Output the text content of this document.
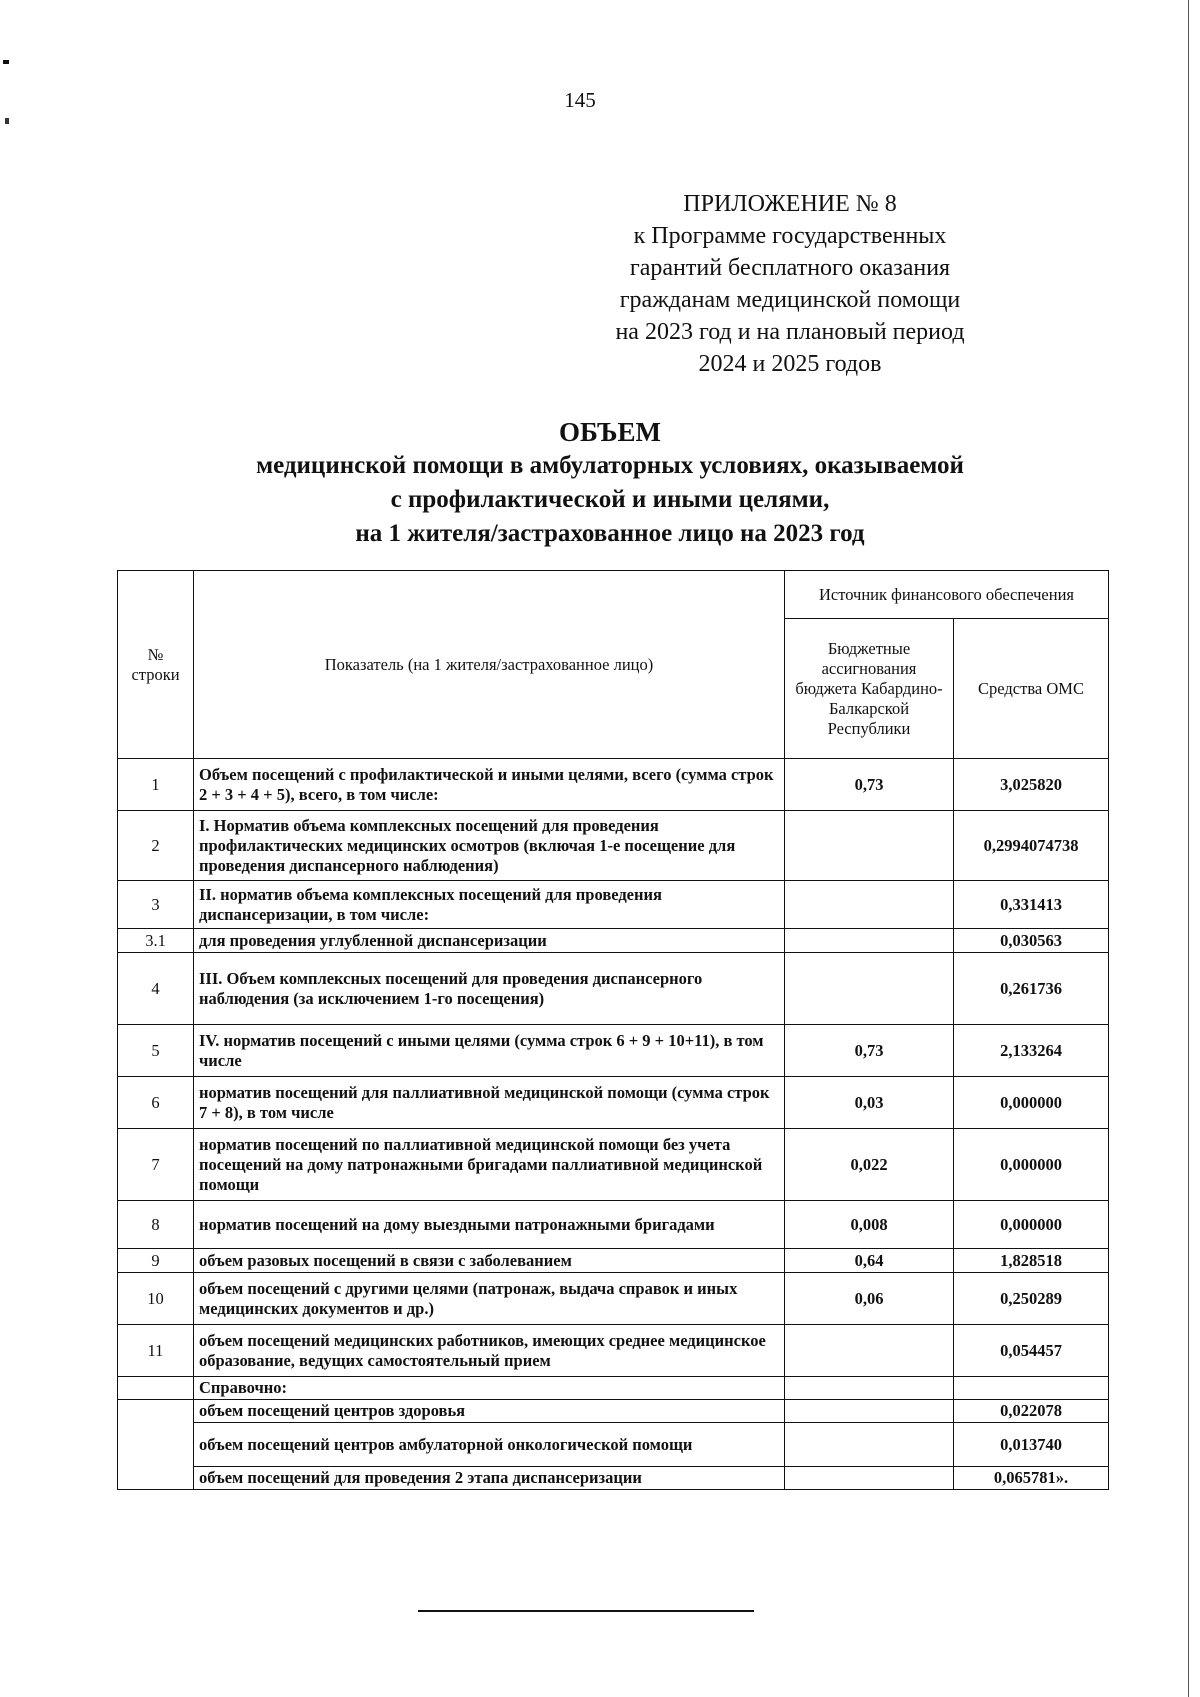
145
ПРИЛОЖЕНИЕ № 8
к Программе государственных
гарантий бесплатного оказания
гражданам медицинской помощи
на 2023 год и на плановый период
2024 и 2025 годов
ОБЪЕМ
медицинской помощи в амбулаторных условиях, оказываемой
с профилактической и иными целями,
на 1 жителя/застрахованное лицо на 2023 год
№ строки	Показатель (на 1 жителя/застрахованное лицо)	Источник финансового обеспечения	
		Бюджетные ассигнования бюджета Кабардино-Балкарской Республики	Средства ОМС
1	Объем посещений с профилактической и иными целями, всего (сумма строк 2 + 3 + 4 + 5), всего, в том числе:	0,73	3,025820
2	I. Норматив объема комплексных посещений для проведения профилактических медицинских осмотров (включая 1-е посещение для проведения диспансерного наблюдения)		0,2994074738
3	II. норматив объема комплексных посещений для проведения диспансеризации, в том числе:		0,331413
3.1	для проведения углубленной диспансеризации		0,030563
4	III. Объем комплексных посещений для проведения диспансерного наблюдения (за исключением 1-го посещения)		0,261736
5	IV. норматив посещений с иными целями (сумма строк 6 + 9 + 10+11), в том числе	0,73	2,133264
6	норматив посещений для паллиативной медицинской помощи (сумма строк 7 + 8), в том числе	0,03	0,000000
7	норматив посещений по паллиативной медицинской помощи без учета посещений на дому патронажными бригадами паллиативной медицинской помощи	0,022	0,000000
8	норматив посещений на дому выездными патронажными бригадами	0,008	0,000000
9	объем разовых посещений в связи с заболеванием	0,64	1,828518
10	объем посещений с другими целями (патронаж, выдача справок и иных медицинских документов и др.)	0,06	0,250289
11	объем посещений медицинских работников, имеющих среднее медицинское образование, ведущих самостоятельный прием		0,054457
	Справочно:		
	объем посещений центров здоровья		0,022078
	объем посещений центров амбулаторной онкологической помощи		0,013740
	объем посещений для проведения 2 этапа диспансеризации		0,065781».
